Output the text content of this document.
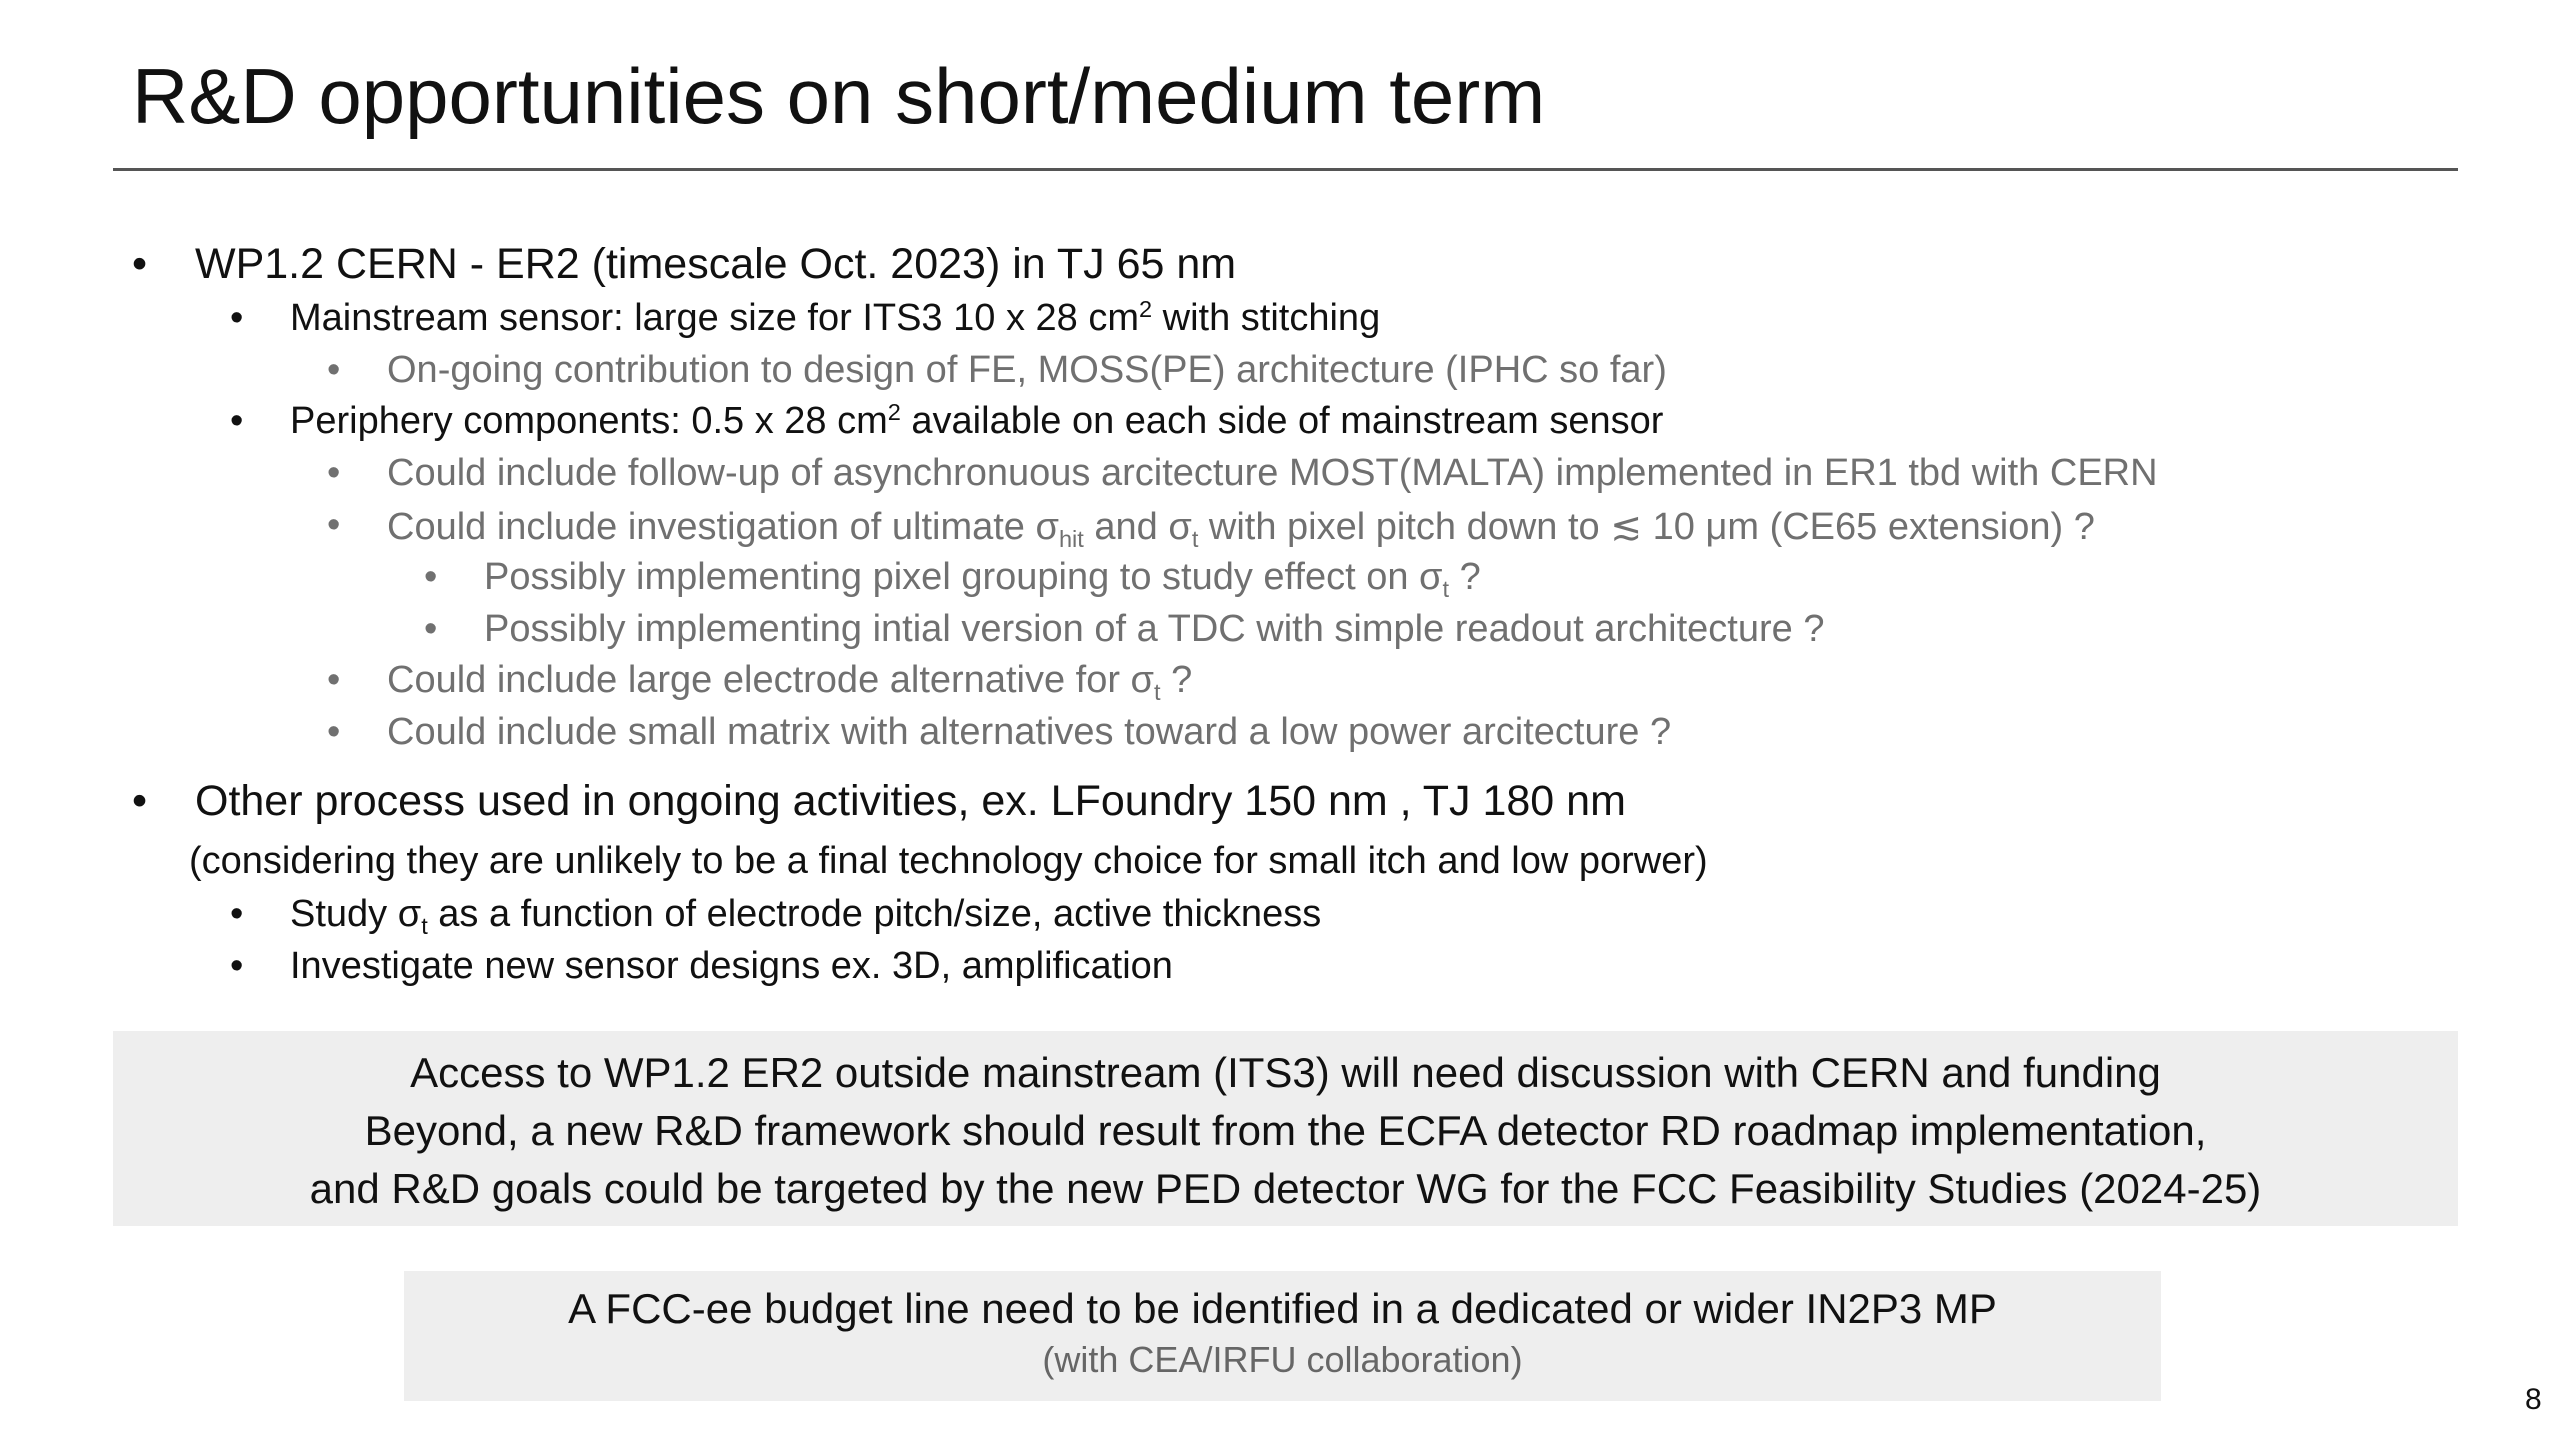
R&D opportunities on short/medium term
• WP1.2 CERN - ER2 (timescale Oct. 2023) in TJ 65 nm
• Mainstream sensor: large size for ITS3 10 x 28 $cm^2$ with stitching
• On-going contribution to design of FE, MOSS(PE) architecture (IPHC so far)
• Periphery components: 0.5 x 28 $cm^2$ available on each side of mainstream sensor
• Could include follow-up of asynchronuous arcitecture MOST(MALTA) implemented in ER1 tbd with CERN
• Could include investigation of ultimate $\sigma_{hit}$ and $\sigma_t$ with pixel pitch down to ≲ 10 μm (CE65 extension) ?
• Possibly implementing pixel grouping to study effect on $\sigma_t$ ?
• Possibly implementing intial version of a TDC with simple readout architecture ?
• Could include large electrode alternative for $\sigma_t$ ?
• Could include small matrix with alternatives toward a low power arcitecture ?
• Other process used in ongoing activities, ex. LFoundry 150 nm , TJ 180 nm
(considering they are unlikely to be a final technology choice for small itch and low porwer)
• Study $\sigma_t$ as a function of electrode pitch/size, active thickness
• Investigate new sensor designs ex. 3D, amplification
Access to WP1.2 ER2 outside mainstream (ITS3) will need discussion with CERN and funding
Beyond, a new R&D framework should result from the ECFA detector RD roadmap implementation,
and R&D goals could be targeted by the new PED detector WG for the FCC Feasibility Studies (2024-25)
A FCC-ee budget line need to be identified in a dedicated or wider IN2P3 MP
(with CEA/IRFU collaboration)
8
